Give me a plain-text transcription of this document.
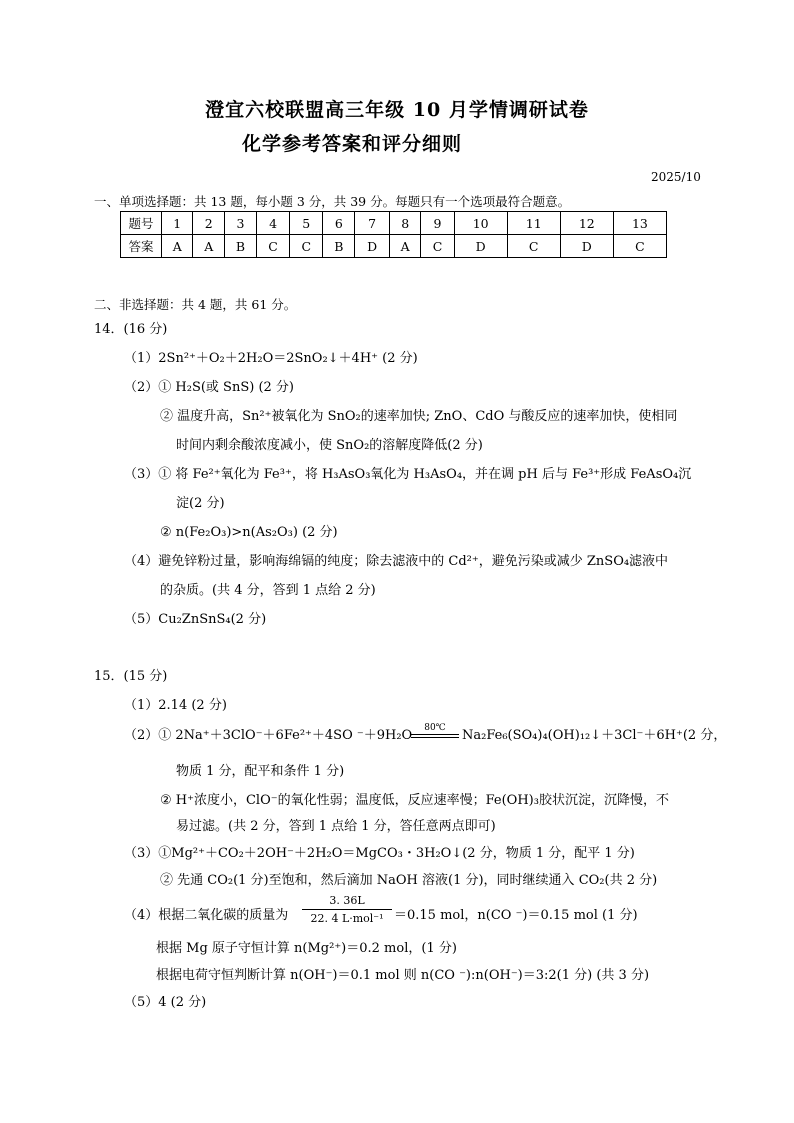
澄宜六校联盟高三年级 10 月学情调研试卷
化学参考答案和评分细则
2025/10
一、单项选择题：共 13 题，每小题 3 分，共 39 分。每题只有一个选项最符合题意。
题号	1	2	3	4	5	6	7	8	9	10	11	12	13
答案	A	A	B	C	C	B	D	A	C	D	C	D	C
二、非选择题：共 4 题，共 61 分。
14．(16 分)
（1）2Sn²⁺＋O₂＋2H₂O＝2SnO₂↓＋4H⁺ (2 分)
（2）① H₂S(或 SnS) (2 分)
② 温度升高，Sn²⁺被氧化为 SnO₂的速率加快; ZnO、CdO 与酸反应的速率加快，使相同
时间内剩余酸浓度减小，使 SnO₂的溶解度降低(2 分)
（3）① 将 Fe²⁺氧化为 Fe³⁺，将 H₃AsO₃氧化为 H₃AsO₄，并在调 pH 后与 Fe³⁺形成 FeAsO₄沉
淀(2 分)
② n(Fe₂O₃)>n(As₂O₃) (2 分)
（4）避免锌粉过量，影响海绵镉的纯度；除去滤液中的 Cd²⁺，避免污染或减少 ZnSO₄滤液中
的杂质。(共 4 分，答到 1 点给 2 分)
（5）Cu₂ZnSnS₄(2 分)
15．(15 分)
（1）2.14 (2 分)
（2）① 2Na⁺＋3ClO⁻＋6Fe²⁺＋4SO ⁻＋9H₂O	80℃	Na₂Fe₆(SO₄)₄(OH)₁₂↓＋3Cl⁻＋6H⁺(2 分，
物质 1 分，配平和条件 1 分)
② H⁺浓度小，ClO⁻的氧化性弱；温度低，反应速率慢；Fe(OH)₃胶状沉淀，沉降慢，不
易过滤。(共 2 分，答到 1 点给 1 分，答任意两点即可)
（3）①Mg²⁺＋CO₂＋2OH⁻＋2H₂O＝MgCO₃・3H₂O↓(2 分，物质 1 分，配平 1 分)
② 先通 CO₂(1 分)至饱和，然后滴加 NaOH 溶液(1 分)，同时继续通入 CO₂(共 2 分)
（4）根据二氧化碳的质量为
3. 36L
22. 4 L·mol⁻¹ ＝0.15 mol，n(CO ⁻)＝0.15 mol (1 分)
根据 Mg 原子守恒计算 n(Mg²⁺)＝0.2 mol，(1 分)
根据电荷守恒判断计算 n(OH⁻)＝0.1 mol 则 n(CO ⁻):n(OH⁻)＝3:2(1 分) (共 3 分)
（5）4 (2 分)
